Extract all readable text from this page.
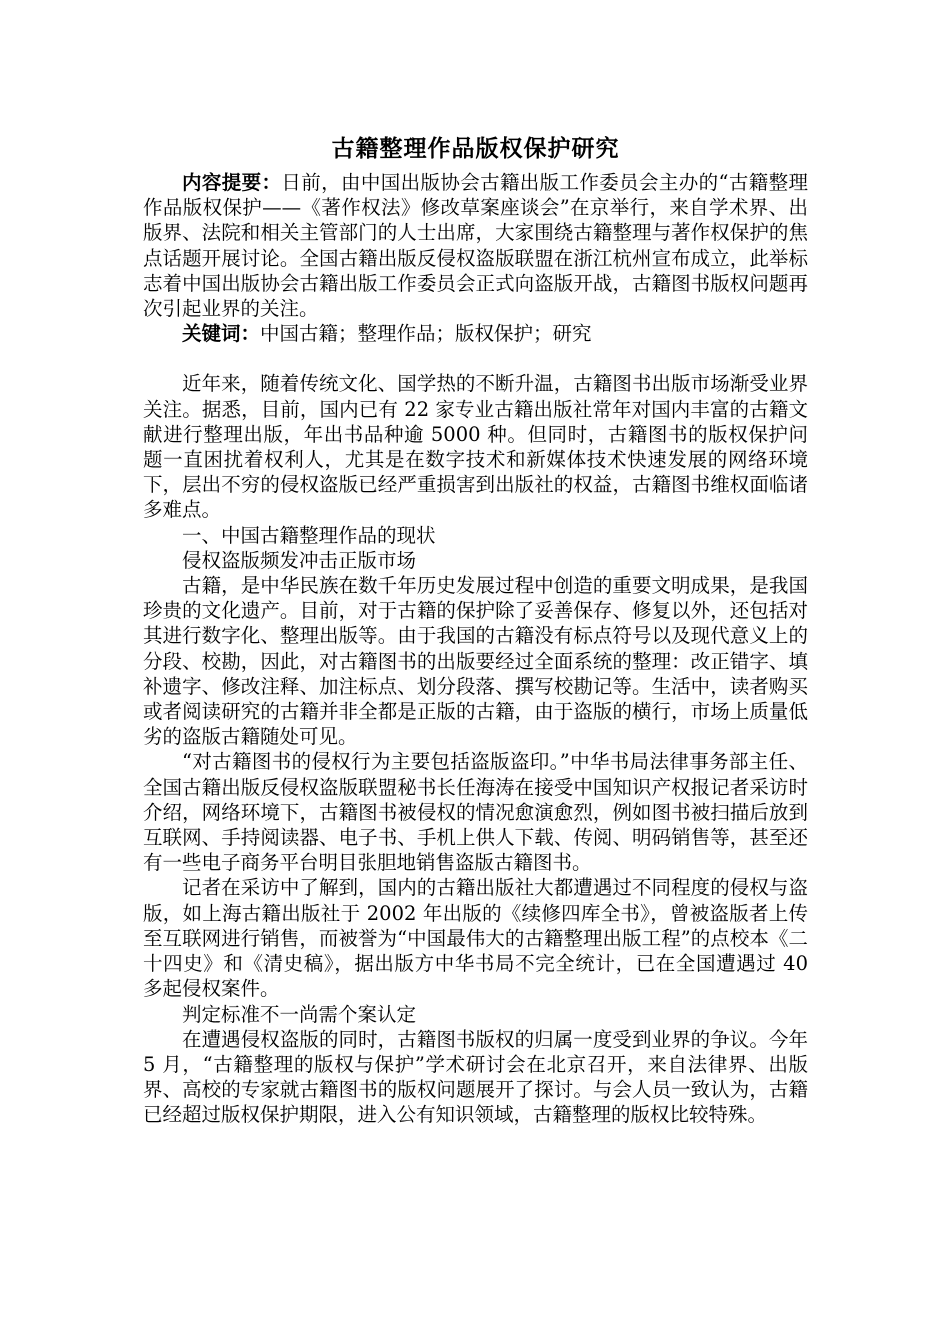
古籍整理作品版权保护研究

内容提要：日前，由中国出版协会古籍出版工作委员会主办的“古籍整理作品版权保护——《著作权法》修改草案座谈会”在京举行，来自学术界、出版界、法院和相关主管部门的人士出席，大家围绕古籍整理与著作权保护的焦点话题开展讨论。全国古籍出版反侵权盗版联盟在浙江杭州宣布成立，此举标志着中国出版协会古籍出版工作委员会正式向盗版开战，古籍图书版权问题再次引起业界的关注。

关键词：中国古籍；整理作品；版权保护；研究

近年来，随着传统文化、国学热的不断升温，古籍图书出版市场渐受业界关注。据悉，目前，国内已有 22 家专业古籍出版社常年对国内丰富的古籍文献进行整理出版，年出书品种逾 5000 种。但同时，古籍图书的版权保护问题一直困扰着权利人，尤其是在数字技术和新媒体技术快速发展的网络环境下，层出不穷的侵权盗版已经严重损害到出版社的权益，古籍图书维权面临诸多难点。

一、中国古籍整理作品的现状

侵权盗版频发冲击正版市场

古籍，是中华民族在数千年历史发展过程中创造的重要文明成果，是我国珍贵的文化遗产。目前，对于古籍的保护除了妥善保存、修复以外，还包括对其进行数字化、整理出版等。由于我国的古籍没有标点符号以及现代意义上的分段、校勘，因此，对古籍图书的出版要经过全面系统的整理：改正错字、填补遗字、修改注释、加注标点、划分段落、撰写校勘记等。生活中，读者购买或者阅读研究的古籍并非全都是正版的古籍，由于盗版的横行，市场上质量低劣的盗版古籍随处可见。

“对古籍图书的侵权行为主要包括盗版盗印。”中华书局法律事务部主任、全国古籍出版反侵权盗版联盟秘书长任海涛在接受中国知识产权报记者采访时介绍，网络环境下，古籍图书被侵权的情况愈演愈烈，例如图书被扫描后放到互联网、手持阅读器、电子书、手机上供人下载、传阅、明码销售等，甚至还有一些电子商务平台明目张胆地销售盗版古籍图书。

记者在采访中了解到，国内的古籍出版社大都遭遇过不同程度的侵权与盗版，如上海古籍出版社于 2002 年出版的《续修四库全书》，曾被盗版者上传至互联网进行销售，而被誉为“中国最伟大的古籍整理出版工程”的点校本《二十四史》和《清史稿》，据出版方中华书局不完全统计，已在全国遭遇过 40 多起侵权案件。

判定标准不一尚需个案认定

在遭遇侵权盗版的同时，古籍图书版权的归属一度受到业界的争议。今年 5 月，“古籍整理的版权与保护”学术研讨会在北京召开，来自法律界、出版界、高校的专家就古籍图书的版权问题展开了探讨。与会人员一致认为，古籍已经超过版权保护期限，进入公有知识领域，古籍整理的版权比较特殊。
